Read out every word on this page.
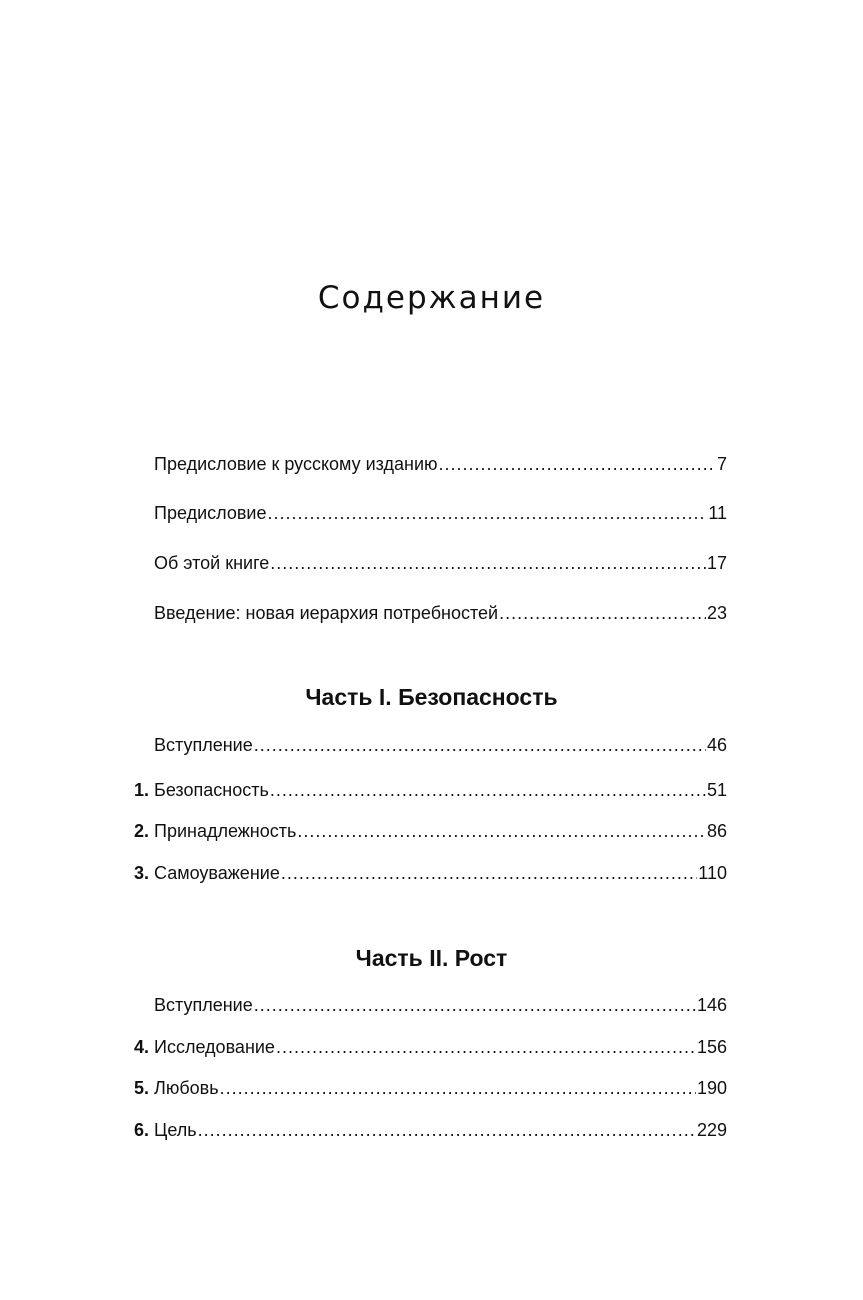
Содержание
Предисловие к русскому изданию .....	7
Предисловие .....	11
Об этой книге .....	17
Введение: новая иерархия потребностей .....	23
Часть I. Безопасность
Вступление .....	46
1. Безопасность .....	51
2. Принадлежность .....	86
3. Самоуважение .....	110
Часть II. Рост
Вступление .....	146
4. Исследование .....	156
5. Любовь .....	190
6. Цель .....	229
